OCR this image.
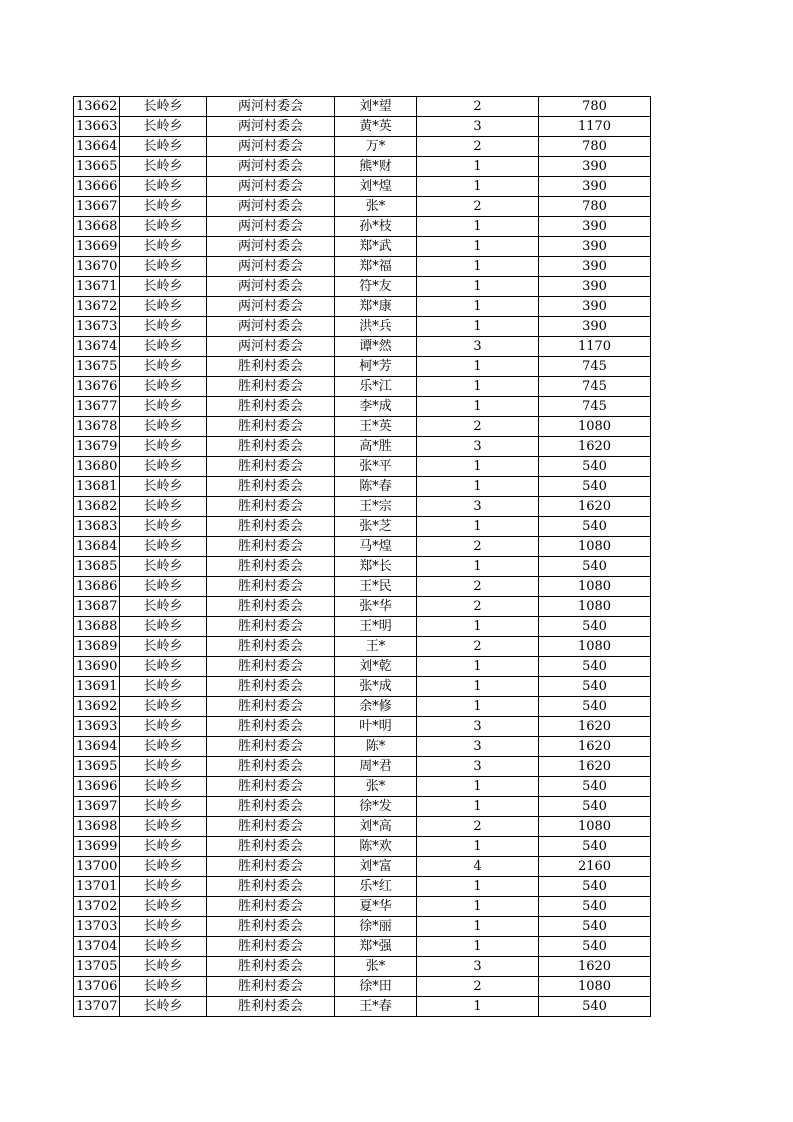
13662	长岭乡	两河村委会	刘*望	2	780
13663	长岭乡	两河村委会	黄*英	3	1170
13664	长岭乡	两河村委会	万*	2	780
13665	长岭乡	两河村委会	熊*财	1	390
13666	长岭乡	两河村委会	刘*煌	1	390
13667	长岭乡	两河村委会	张*	2	780
13668	长岭乡	两河村委会	孙*枝	1	390
13669	长岭乡	两河村委会	郑*武	1	390
13670	长岭乡	两河村委会	郑*福	1	390
13671	长岭乡	两河村委会	符*友	1	390
13672	长岭乡	两河村委会	郑*康	1	390
13673	长岭乡	两河村委会	洪*兵	1	390
13674	长岭乡	两河村委会	谭*然	3	1170
13675	长岭乡	胜利村委会	柯*芳	1	745
13676	长岭乡	胜利村委会	乐*江	1	745
13677	长岭乡	胜利村委会	李*成	1	745
13678	长岭乡	胜利村委会	王*英	2	1080
13679	长岭乡	胜利村委会	高*胜	3	1620
13680	长岭乡	胜利村委会	张*平	1	540
13681	长岭乡	胜利村委会	陈*春	1	540
13682	长岭乡	胜利村委会	王*宗	3	1620
13683	长岭乡	胜利村委会	张*芝	1	540
13684	长岭乡	胜利村委会	马*煌	2	1080
13685	长岭乡	胜利村委会	郑*长	1	540
13686	长岭乡	胜利村委会	王*民	2	1080
13687	长岭乡	胜利村委会	张*华	2	1080
13688	长岭乡	胜利村委会	王*明	1	540
13689	长岭乡	胜利村委会	王*	2	1080
13690	长岭乡	胜利村委会	刘*乾	1	540
13691	长岭乡	胜利村委会	张*成	1	540
13692	长岭乡	胜利村委会	余*修	1	540
13693	长岭乡	胜利村委会	叶*明	3	1620
13694	长岭乡	胜利村委会	陈*	3	1620
13695	长岭乡	胜利村委会	周*君	3	1620
13696	长岭乡	胜利村委会	张*	1	540
13697	长岭乡	胜利村委会	徐*发	1	540
13698	长岭乡	胜利村委会	刘*高	2	1080
13699	长岭乡	胜利村委会	陈*欢	1	540
13700	长岭乡	胜利村委会	刘*富	4	2160
13701	长岭乡	胜利村委会	乐*红	1	540
13702	长岭乡	胜利村委会	夏*华	1	540
13703	长岭乡	胜利村委会	徐*丽	1	540
13704	长岭乡	胜利村委会	郑*强	1	540
13705	长岭乡	胜利村委会	张*	3	1620
13706	长岭乡	胜利村委会	徐*田	2	1080
13707	长岭乡	胜利村委会	王*春	1	540
